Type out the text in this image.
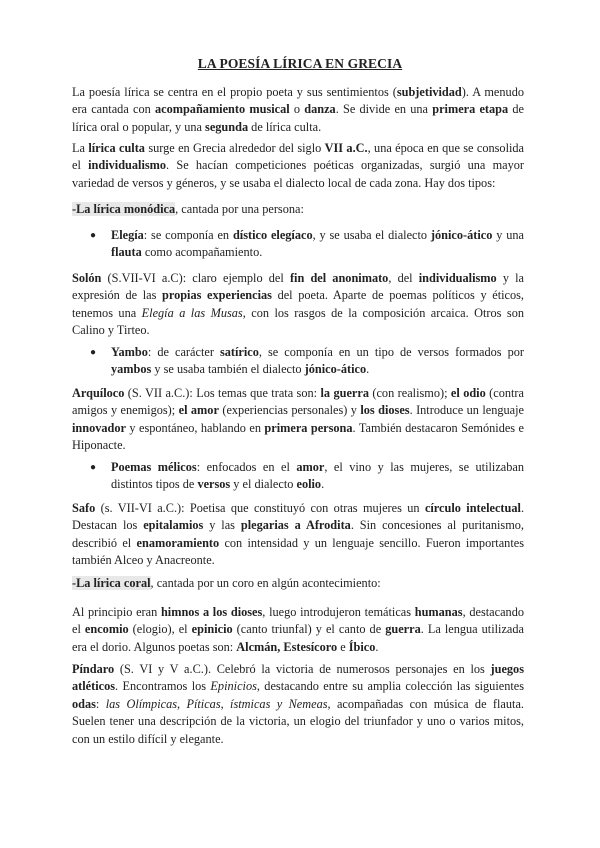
LA POESÍA LÍRICA EN GRECIA
La poesía lírica se centra en el propio poeta y sus sentimientos (subjetividad). A menudo era cantada con acompañamiento musical o danza. Se divide en una primera etapa de lírica oral o popular, y una segunda de lírica culta.
La lírica culta surge en Grecia alrededor del siglo VII a.C., una época en que se consolida el individualismo. Se hacían competiciones poéticas organizadas, surgió una mayor variedad de versos y géneros, y se usaba el dialecto local de cada zona. Hay dos tipos:
-La lírica monódica, cantada por una persona:
● Elegía: se componía en dístico elegíaco, y se usaba el dialecto jónico-ático y una flauta como acompañamiento.
Solón (S.VII-VI a.C): claro ejemplo del fin del anonimato, del individualismo y la expresión de las propias experiencias del poeta. Aparte de poemas políticos y éticos, tenemos una Elegía a las Musas, con los rasgos de la composición arcaica. Otros son Calino y Tirteo.
● Yambo: de carácter satírico, se componía en un tipo de versos formados por yambos y se usaba también el dialecto jónico-ático.
Arquíloco (S. VII a.C.): Los temas que trata son: la guerra (con realismo); el odio (contra amigos y enemigos); el amor (experiencias personales) y los dioses. Introduce un lenguaje innovador y espontáneo, hablando en primera persona. También destacaron Semónides e Hiponacte.
● Poemas mélicos: enfocados en el amor, el vino y las mujeres, se utilizaban distintos tipos de versos y el dialecto eolio.
Safo (s. VII-VI a.C.): Poetisa que constituyó con otras mujeres un círculo intelectual. Destacan los epitalamios y las plegarias a Afrodita. Sin concesiones al puritanismo, describió el enamoramiento con intensidad y un lenguaje sencillo. Fueron importantes también Alceo y Anacreonte.
-La lírica coral, cantada por un coro en algún acontecimiento:
Al principio eran himnos a los dioses, luego introdujeron temáticas humanas, destacando el encomio (elogio), el epinicio (canto triunfal) y el canto de guerra. La lengua utilizada era el dorio. Algunos poetas son: Alcmán, Estesícoro e Íbico.
Píndaro (S. VI y V a.C.). Celebró la victoria de numerosos personajes en los juegos atléticos. Encontramos los Epinicios, destacando entre su amplia colección las siguientes odas: las Olímpicas, Píticas, ístmicas y Nemeas, acompañadas con música de flauta. Suelen tener una descripción de la victoria, un elogio del triunfador y uno o varios mitos, con un estilo difícil y elegante.
